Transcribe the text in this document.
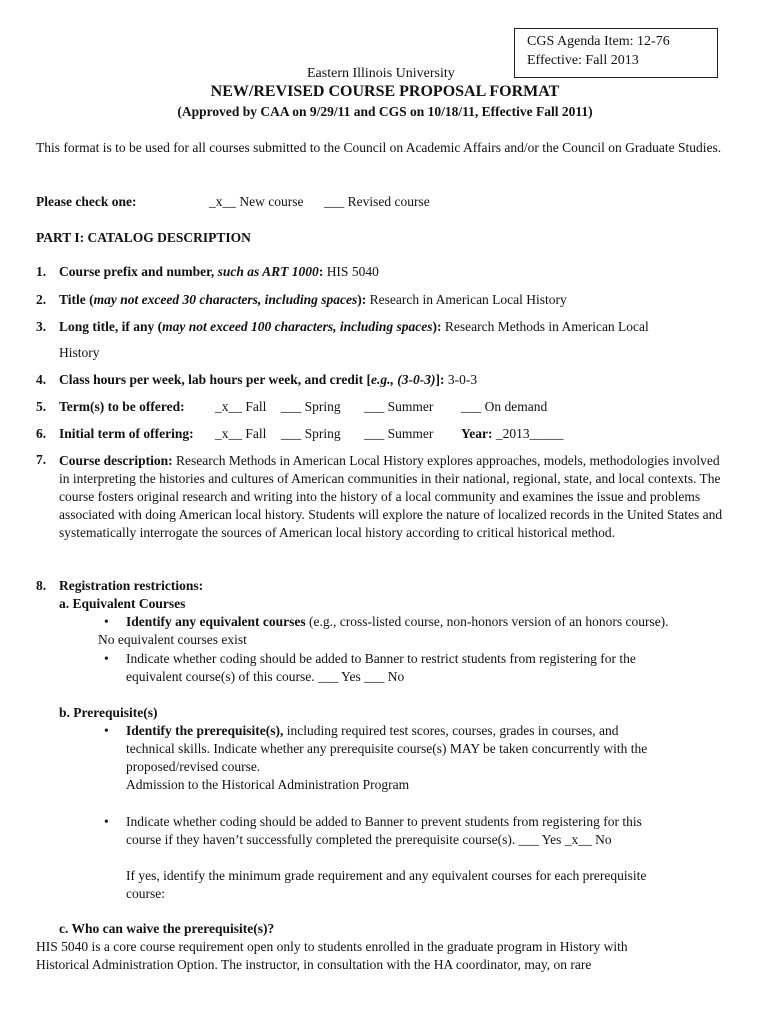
CGS Agenda Item: 12-76
Effective: Fall 2013
Eastern Illinois University
NEW/REVISED COURSE PROPOSAL FORMAT
(Approved by CAA on 9/29/11 and CGS on 10/18/11, Effective Fall 2011)
This format is to be used for all courses submitted to the Council on Academic Affairs and/or the Council on Graduate Studies.
Please check one:	_x__ New course ___ Revised course
PART I: CATALOG DESCRIPTION
1. Course prefix and number, such as ART 1000: HIS 5040
2. Title (may not exceed 30 characters, including spaces): Research in American Local History
3. Long title, if any (may not exceed 100 characters, including spaces): Research Methods in American Local
History
4. Class hours per week, lab hours per week, and credit [e.g., (3-0-3)]: 3-0-3
5. Term(s) to be offered: _x__ Fall ___ Spring ___ Summer ___ On demand
6. Initial term of offering: _x__ Fall ___ Spring ___ Summer Year: _2013_____
7. Course description: Research Methods in American Local History explores approaches, models, methodologies involved in interpreting the histories and cultures of American communities in their national, regional, state, and local contexts. The course fosters original research and writing into the history of a local community and examines the issue and problems associated with doing American local history. Students will explore the nature of localized records in the United States and systematically interrogate the sources of American local history according to critical historical method.
8. Registration restrictions:
a. Equivalent Courses
• Identify any equivalent courses (e.g., cross-listed course, non-honors version of an honors course).
No equivalent courses exist
• Indicate whether coding should be added to Banner to restrict students from registering for the
equivalent course(s) of this course. ___ Yes ___ No
b. Prerequisite(s)
• Identify the prerequisite(s), including required test scores, courses, grades in courses, and
technical skills. Indicate whether any prerequisite course(s) MAY be taken concurrently with the
proposed/revised course.
Admission to the Historical Administration Program
• Indicate whether coding should be added to Banner to prevent students from registering for this
course if they haven’t successfully completed the prerequisite course(s). ___ Yes _x__ No
If yes, identify the minimum grade requirement and any equivalent courses for each prerequisite
course:
c. Who can waive the prerequisite(s)?
HIS 5040 is a core course requirement open only to students enrolled in the graduate program in History with
Historical Administration Option. The instructor, in consultation with the HA coordinator, may, on rare
